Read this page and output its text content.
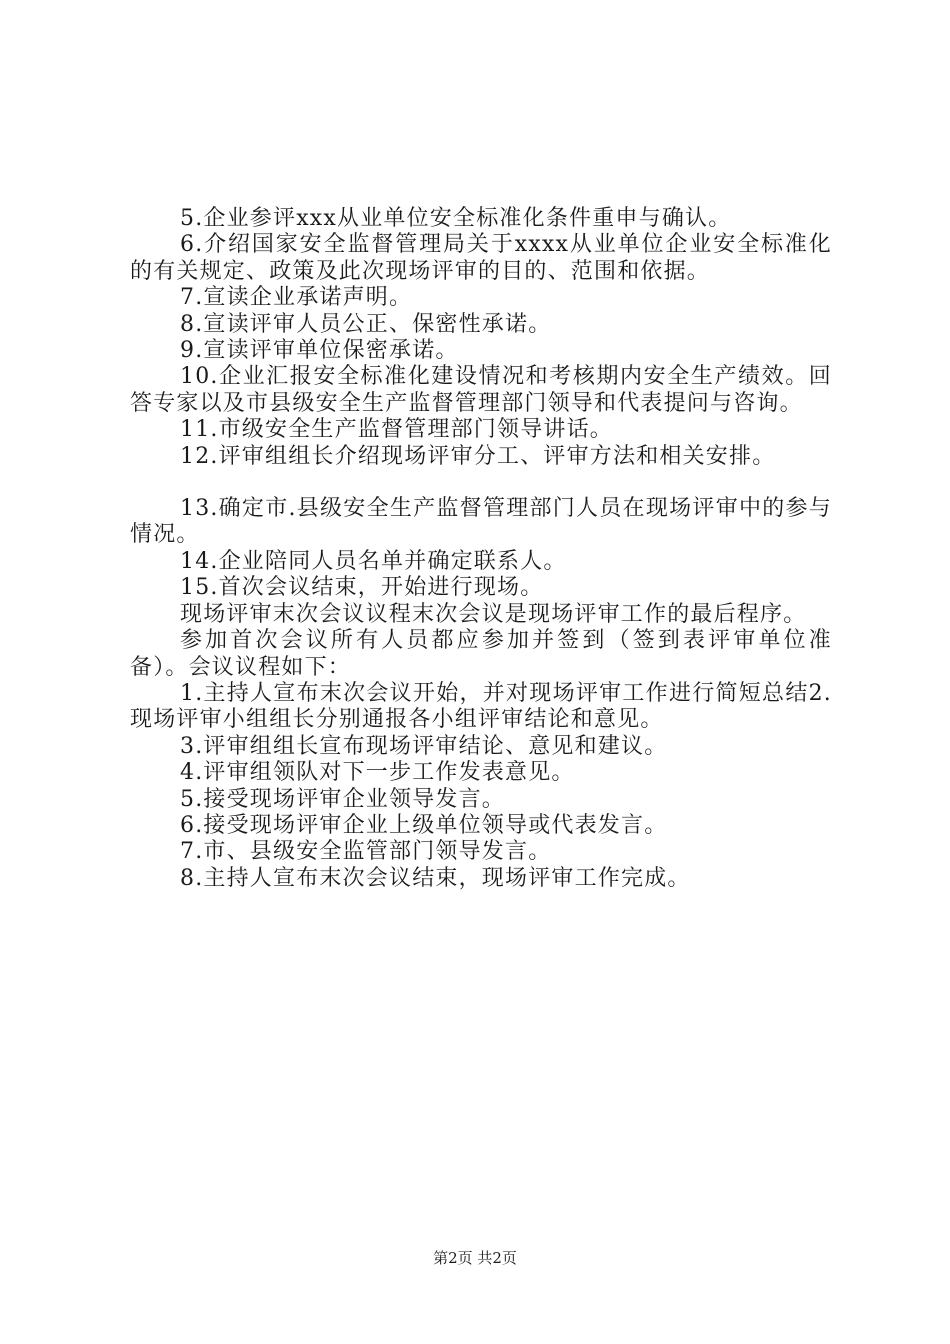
5.企业参评xxx从业单位安全标准化条件重申与确认。

6.介绍国家安全监督管理局关于xxxx从业单位企业安全标准化的有关规定、政策及此次现场评审的目的、范围和依据。

7.宣读企业承诺声明。

8.宣读评审人员公正、保密性承诺。

9.宣读评审单位保密承诺。

10.企业汇报安全标准化建设情况和考核期内安全生产绩效。回答专家以及市县级安全生产监督管理部门领导和代表提问与咨询。

11.市级安全生产监督管理部门领导讲话。

12.评审组组长介绍现场评审分工、评审方法和相关安排。

13.确定市.县级安全生产监督管理部门人员在现场评审中的参与情况。

14.企业陪同人员名单并确定联系人。

15.首次会议结束，开始进行现场。

现场评审末次会议议程末次会议是现场评审工作的最后程序。

参加首次会议所有人员都应参加并签到（签到表评审单位准备）。会议议程如下：

1.主持人宣布末次会议开始，并对现场评审工作进行简短总结2.现场评审小组组长分别通报各小组评审结论和意见。

3.评审组组长宣布现场评审结论、意见和建议。

4.评审组领队对下一步工作发表意见。

5.接受现场评审企业领导发言。

6.接受现场评审企业上级单位领导或代表发言。

7.市、县级安全监管部门领导发言。

8.主持人宣布末次会议结束，现场评审工作完成。

第2页 共2页
